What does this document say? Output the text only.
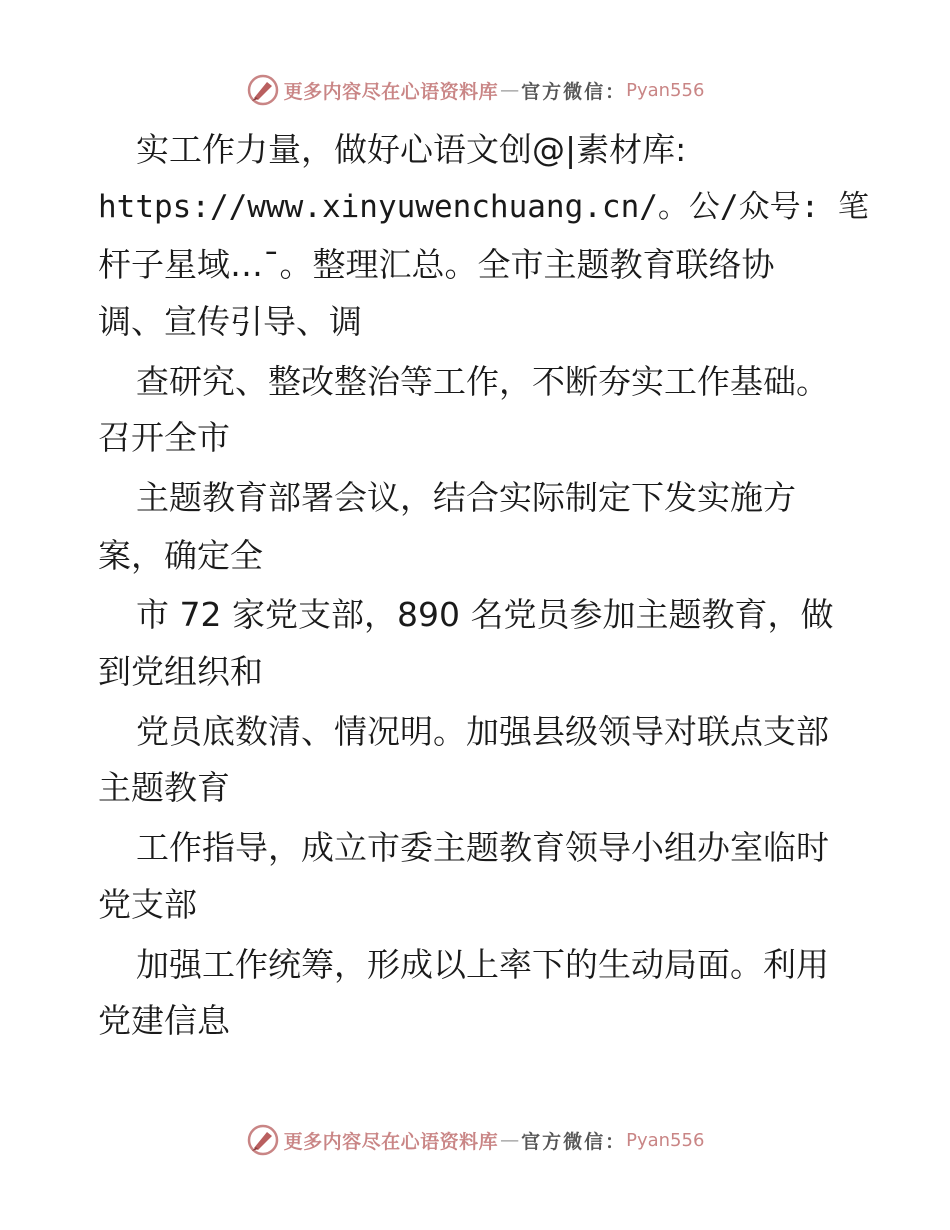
更多内容尽在心语资料库 — 官方微信： Pyan556
实工作力量，做好心语文创@|素材库:
https://www.xinyuwenchuang.cn/。公/众号: 笔
杆子星域…¯。整理汇总。全市主题教育联络协
调、宣传引导、调
查研究、整改整治等工作，不断夯实工作基础。
召开全市
主题教育部署会议，结合实际制定下发实施方
案，确定全
市 72 家党支部，890 名党员参加主题教育，做
到党组织和
党员底数清、情况明。加强县级领导对联点支部
主题教育
工作指导，成立市委主题教育领导小组办室临时
党支部
加强工作统筹，形成以上率下的生动局面。利用
党建信息
更多内容尽在心语资料库 — 官方微信： Pyan556
